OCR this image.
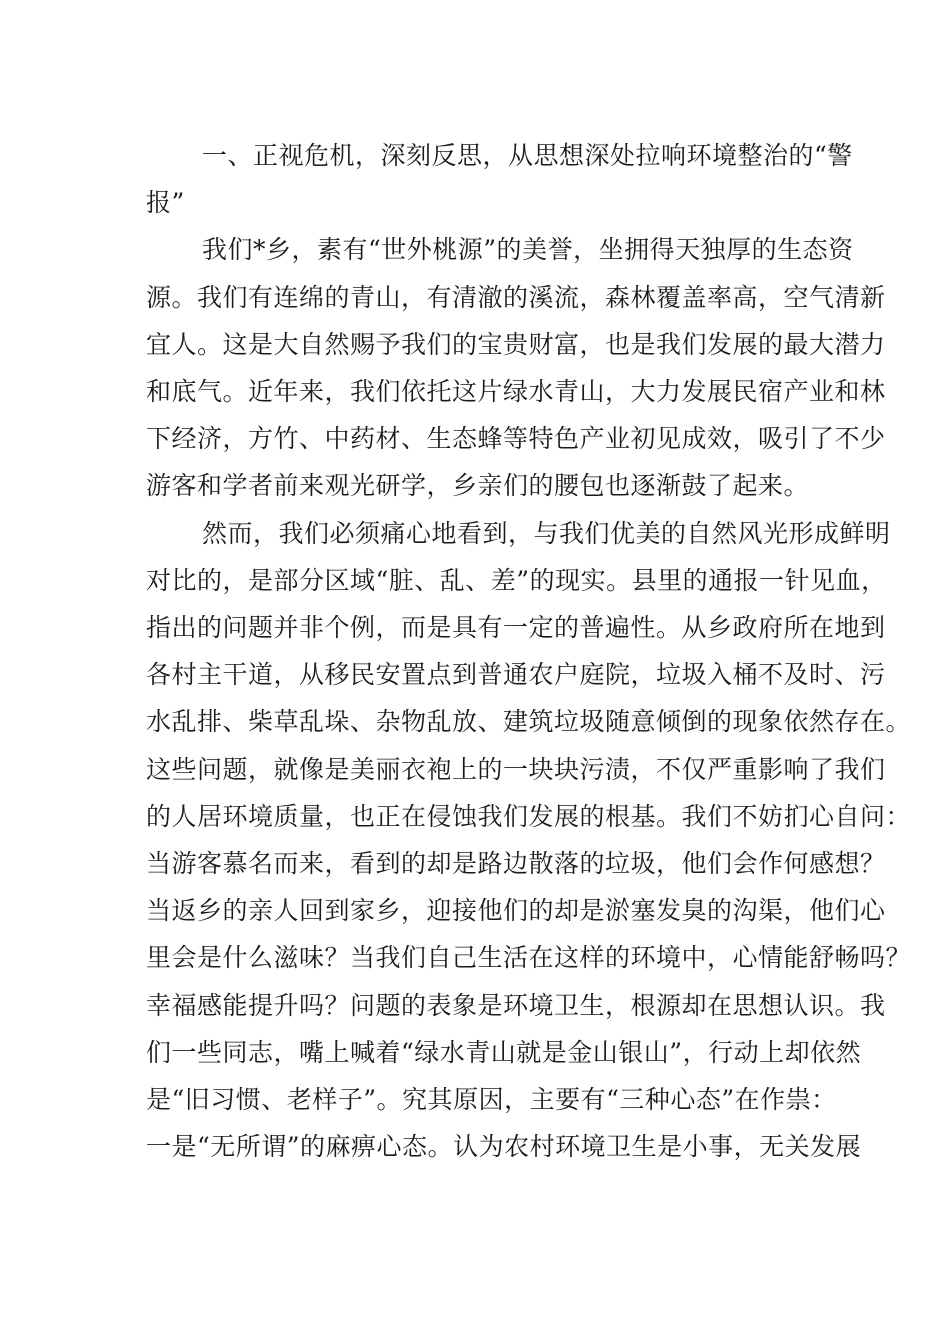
一、正视危机，深刻反思，从思想深处拉响环境整治的“警
报”
我们*乡，素有“世外桃源”的美誉，坐拥得天独厚的生态资
源。我们有连绵的青山，有清澈的溪流，森林覆盖率高，空气清新
宜人。这是大自然赐予我们的宝贵财富，也是我们发展的最大潜力
和底气。近年来，我们依托这片绿水青山，大力发展民宿产业和林
下经济，方竹、中药材、生态蜂等特色产业初见成效，吸引了不少
游客和学者前来观光研学，乡亲们的腰包也逐渐鼓了起来。
然而，我们必须痛心地看到，与我们优美的自然风光形成鲜明
对比的，是部分区域“脏、乱、差”的现实。县里的通报一针见血，
指出的问题并非个例，而是具有一定的普遍性。从乡政府所在地到
各村主干道，从移民安置点到普通农户庭院，垃圾入桶不及时、污
水乱排、柴草乱垛、杂物乱放、建筑垃圾随意倾倒的现象依然存在。
这些问题，就像是美丽衣袍上的一块块污渍，不仅严重影响了我们
的人居环境质量，也正在侵蚀我们发展的根基。我们不妨扪心自问：
当游客慕名而来，看到的却是路边散落的垃圾，他们会作何感想？
当返乡的亲人回到家乡，迎接他们的却是淤塞发臭的沟渠，他们心
里会是什么滋味？当我们自己生活在这样的环境中，心情能舒畅吗？
幸福感能提升吗？问题的表象是环境卫生，根源却在思想认识。我
们一些同志，嘴上喊着“绿水青山就是金山银山”，行动上却依然
是“旧习惯、老样子”。究其原因，主要有“三种心态”在作祟：
一是“无所谓”的麻痹心态。认为农村环境卫生是小事，无关发展
